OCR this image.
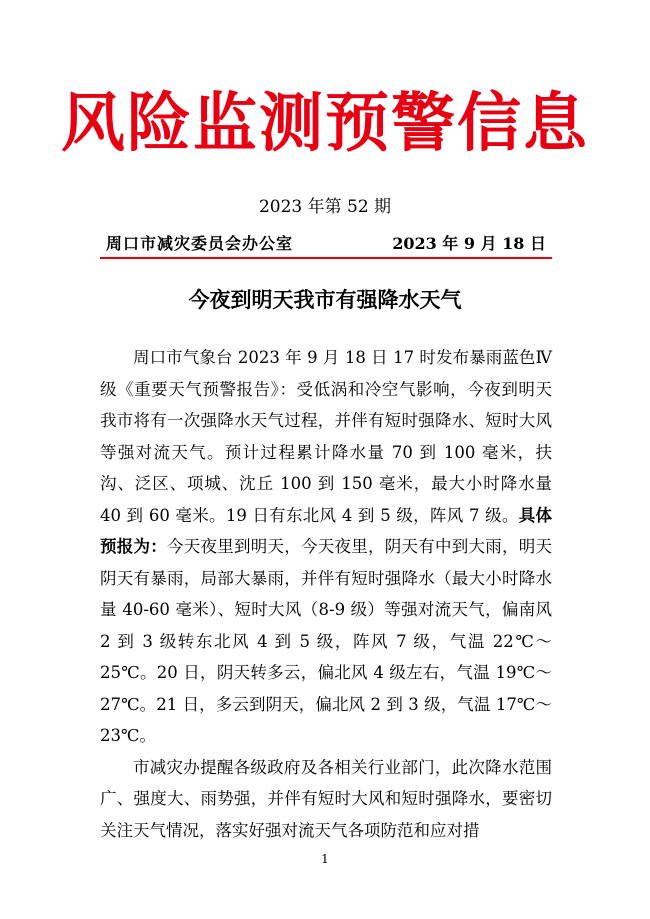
风险监测预警信息
2023 年第 52 期
周口市减灾委员会办公室	2023 年 9 月 18 日
今夜到明天我市有强降水天气

周口市气象台 2023 年 9 月 18 日 17 时发布暴雨蓝色Ⅳ级《重要天气预警报告》：受低涡和冷空气影响，今夜到明天我市将有一次强降水天气过程，并伴有短时强降水、短时大风等强对流天气。预计过程累计降水量 70 到 100 毫米，扶沟、泛区、项城、沈丘 100 到 150 毫米，最大小时降水量 40 到 60 毫米。19 日有东北风 4 到 5 级，阵风 7 级。具体预报为：今天夜里到明天，今天夜里，阴天有中到大雨，明天阴天有暴雨，局部大暴雨，并伴有短时强降水（最大小时降水量 40-60 毫米）、短时大风（8-9 级）等强对流天气，偏南风 2 到 3 级转东北风 4 到 5 级，阵风 7 级，气温 22℃～25℃。20 日，阴天转多云，偏北风 4 级左右，气温 19℃～27℃。21 日，多云到阴天，偏北风 2 到 3 级，气温 17℃～23℃。

市减灾办提醒各级政府及各相关行业部门，此次降水范围广、强度大、雨势强，并伴有短时大风和短时强降水，要密切关注天气情况，落实好强对流天气各项防范和应对措

1
